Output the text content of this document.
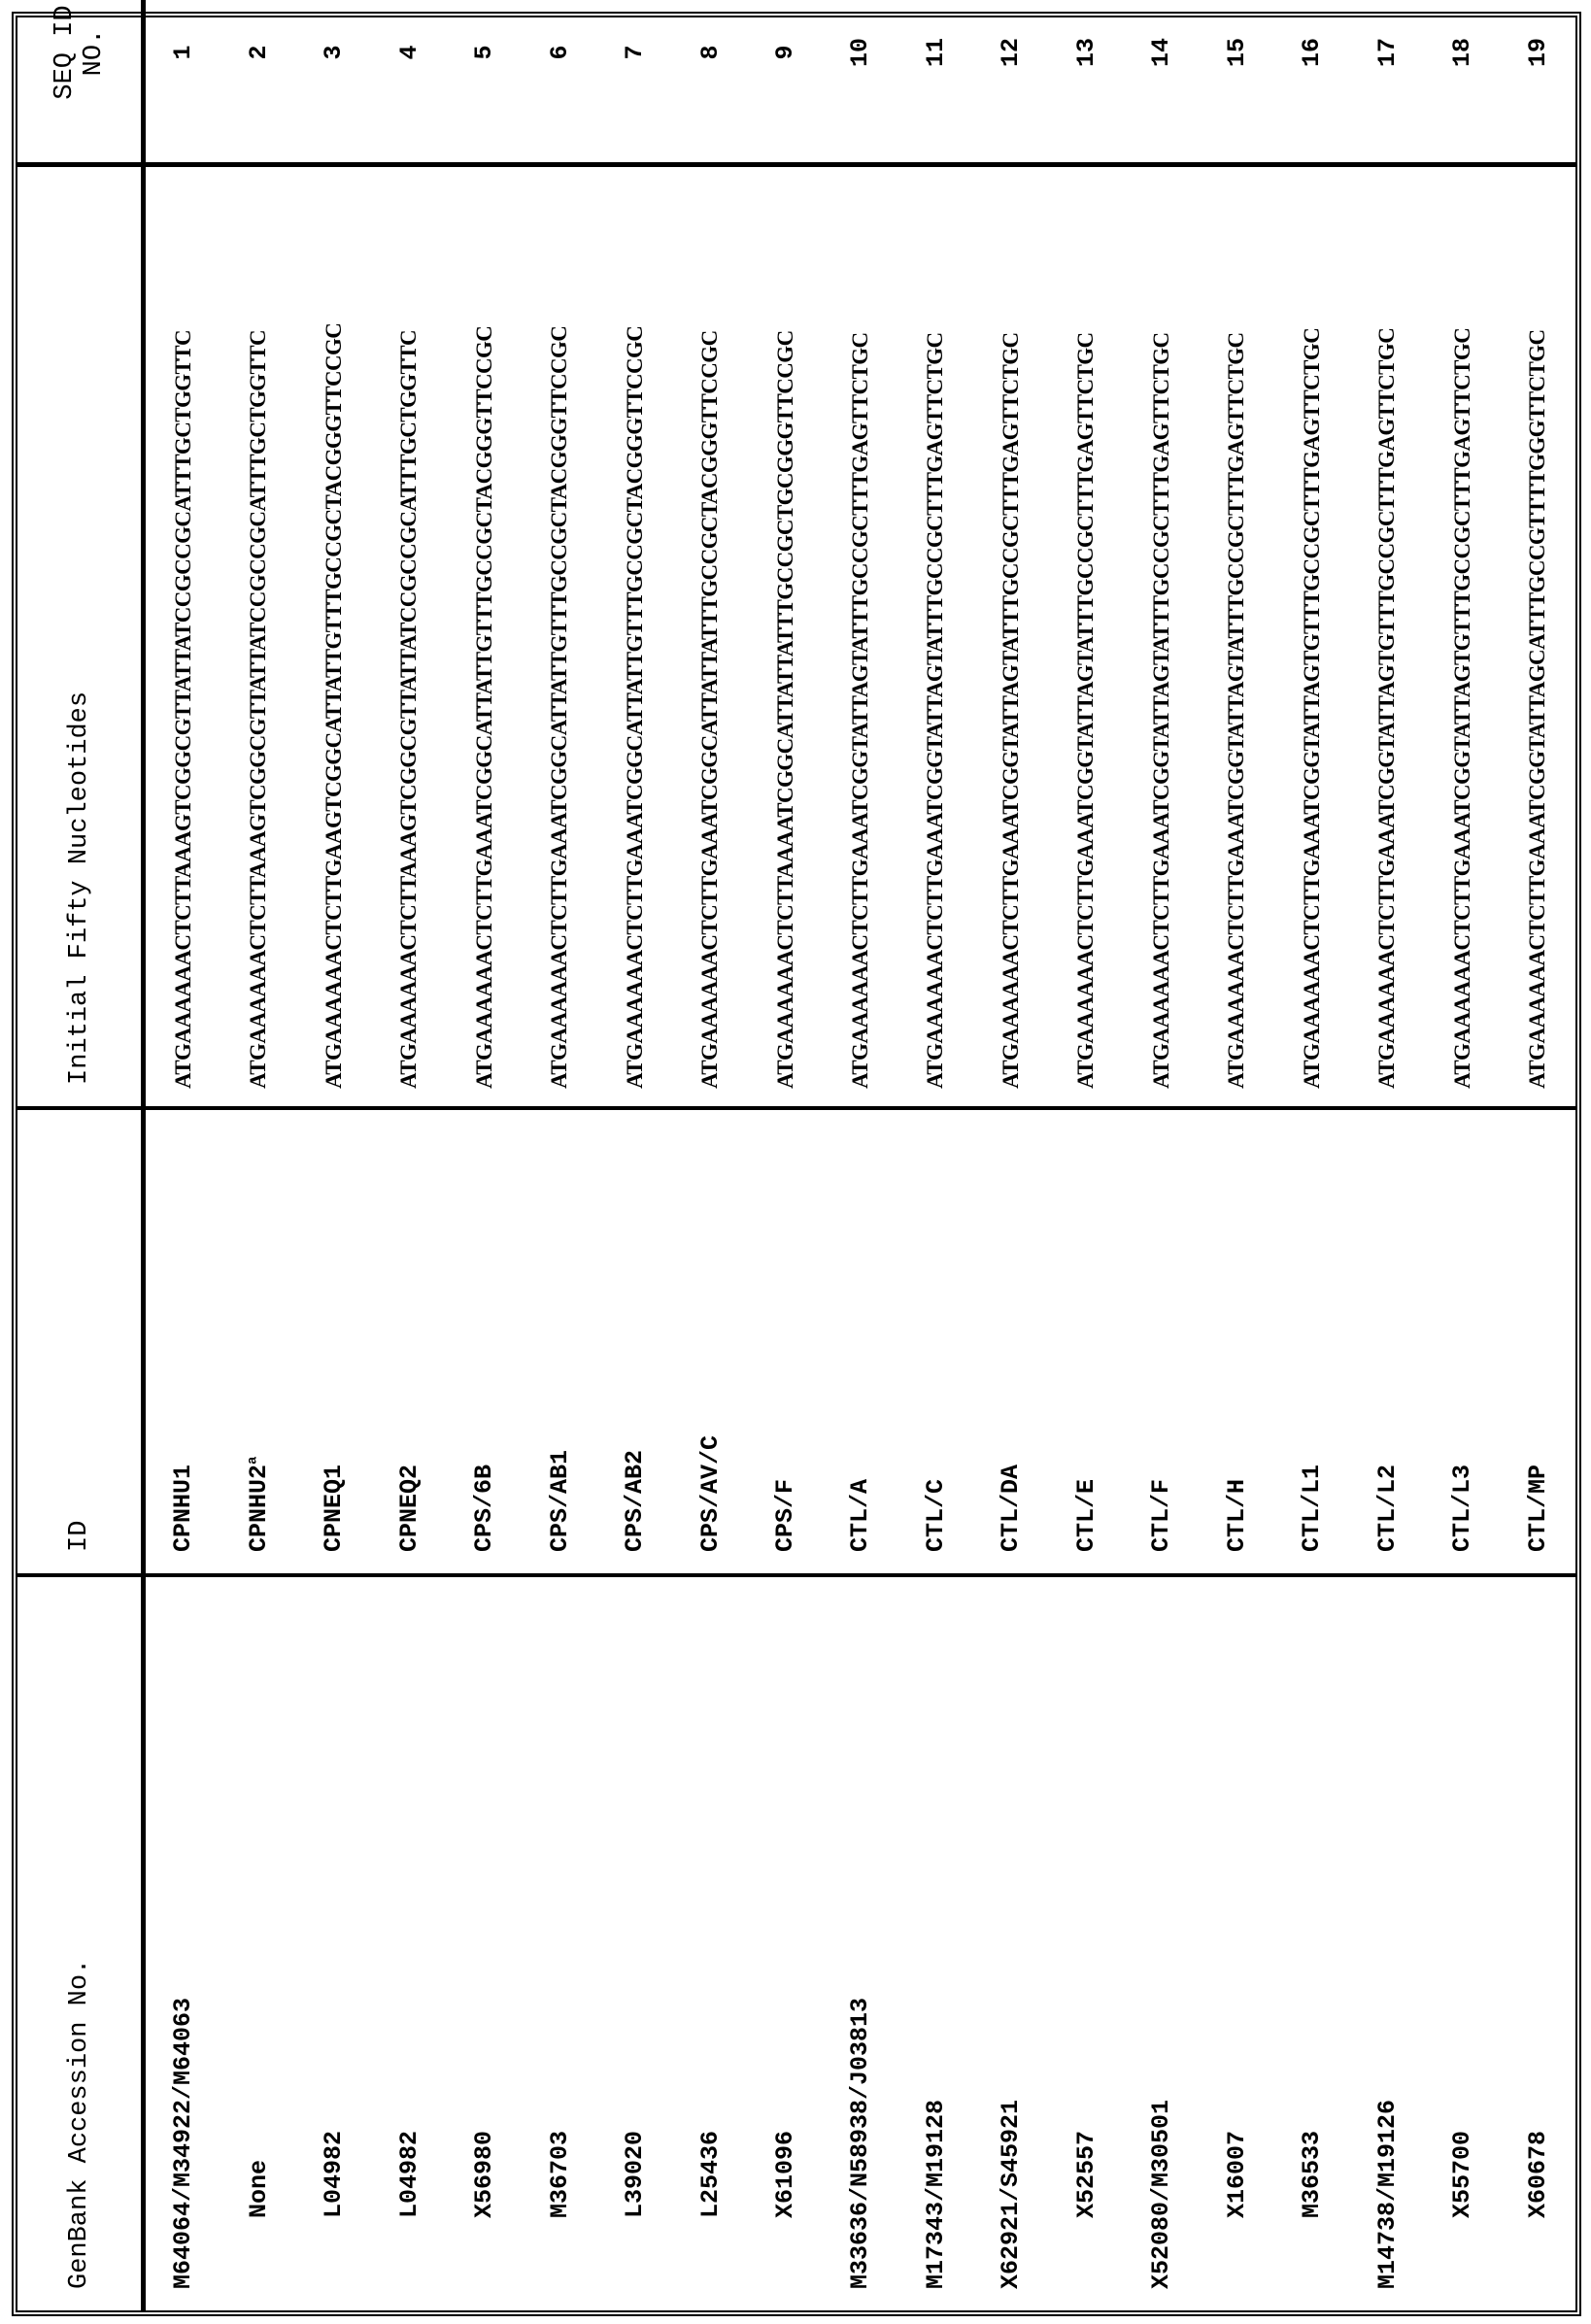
GenBank Accession No.	ID	Initial Fifty Nucleotides	
SEQ ID NO.

M64064/M34922/M64063	CPNHU1	ATGAAAAAACTCTTAAAGTCGGCGTTATTATCCGCCGCATTTGCTGGTTC	1
None	CPNHU2a	ATGAAAAAACTCTTAAAGTCGGCGTTATTATCCGCCGCATTTGCTGGTTC	2
L04982	CPNEQ1	ATGAAAAAACTCTTGAAGTCGGCATTATTGTTTGCCGCTACGGGTTCCGC	3
L04982	CPNEQ2	ATGAAAAAACTCTTAAAGTCGGCGTTATTATCCGCCGCATTTGCTGGTTC	4
X56980	CPS/6B	ATGAAAAAACTCTTGAAATCGGCATTATTGTTTGCCGCTACGGGTTCCGC	5
M36703	CPS/AB1	ATGAAAAAACTCTTGAAATCGGCATTATTGTTTGCCGCTACGGGTTCCGC	6
L39020	CPS/AB2	ATGAAAAAACTCTTGAAATCGGCATTATTGTTTGCCGCTACGGGTTCCGC	7
L25436	CPS/AV/C	ATGAAAAAACTCTTGAAATCGGCATTATTATTTGCCGCTACGGGTTCCGC	8
X61096	CPS/F	ATGAAAAAACTCTTAAAATCGGCATTATTATTTGCCGCTGCGGGTTCCGC	9
M33636/N58938/J03813	CTL/A	ATGAAAAAACTCTTGAAATCGGTATTAGTATTTGCCGCTTTGAGTTCTGC	10
M17343/M19128	CTL/C	ATGAAAAAACTCTTGAAATCGGTATTAGTATTTGCCGCTTTGAGTTCTGC	11
X62921/S45921	CTL/DA	ATGAAAAAACTCTTGAAATCGGTATTAGTATTTGCCGCTTTGAGTTCTGC	12
X52557	CTL/E	ATGAAAAAACTCTTGAAATCGGTATTAGTATTTGCCGCTTTGAGTTCTGC	13
X52080/M30501	CTL/F	ATGAAAAAACTCTTGAAATCGGTATTAGTATTTGCCGCTTTGAGTTCTGC	14
X16007	CTL/H	ATGAAAAAACTCTTGAAATCGGTATTAGTATTTGCCGCTTTGAGTTCTGC	15
M36533	CTL/L1	ATGAAAAAACTCTTGAAATCGGTATTAGTGTTTGCCGCTTTGAGTTCTGC	16
M14738/M19126	CTL/L2	ATGAAAAAACTCTTGAAATCGGTATTAGTGTTTGCCGCTTTGAGTTCTGC	17
X55700	CTL/L3	ATGAAAAAACTCTTGAAATCGGTATTAGTGTTTGCCGCTTTGAGTTCTGC	18
X60678	CTL/MP	ATGAAAAAACTCTTGAAATCGGTATTAGCATTTGCCGTTTTGGGTTCTGC	19
